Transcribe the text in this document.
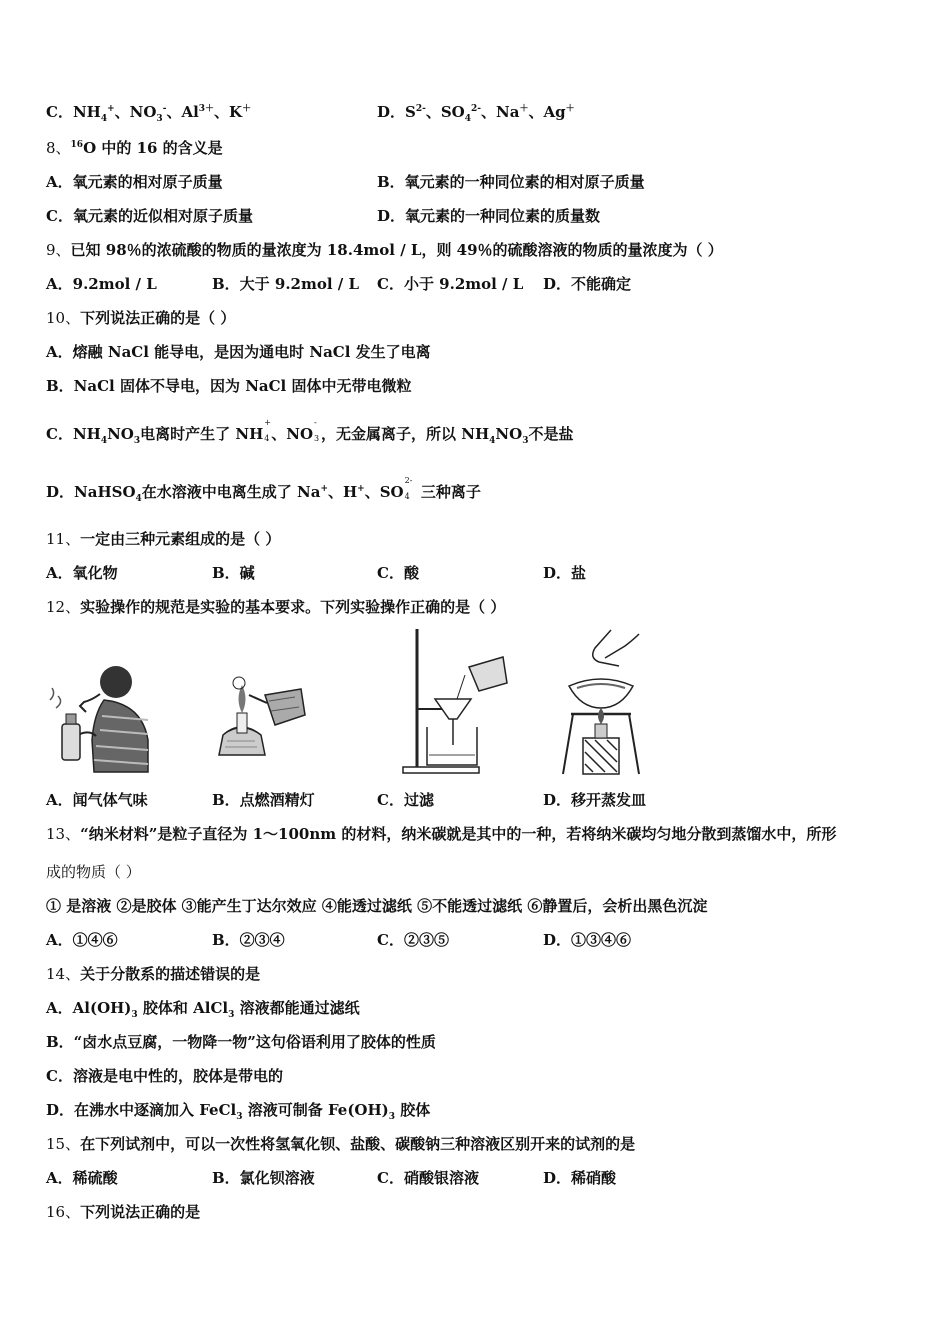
C．$NH_4^+$、$NO_3^-$、$Al^{3+}$、K＋	D．$S^{2-}$、$SO_4^{2-}$、Na＋、Ag＋
8、$^{16}$O 中的 16 的含义是
A．氧元素的相对原子质量	B．氧元素的一种同位素的相对原子质量
C．氧元素的近似相对原子质量	D．氧元素的一种同位素的质量数
9、已知 98％的浓硫酸的物质的量浓度为 18.4mol / L，则 49％的硫酸溶液的物质的量浓度为（ ）
A．9.2mol / L	B．大于 9.2mol / L C．小于 9.2mol / L D．不能确定
10、下列说法正确的是（ ）
A．熔融 NaCl 能导电，是因为通电时 NaCl 发生了电离
B．NaCl 固体不导电，因为 NaCl 固体中无带电微粒
C．$NH_4NO_3$电离时产生了 NH
+
4 、NO
-
3 ，无金属离子，所以 $NH_4NO_3$不是盐
D．NaHSO$_4$在水溶液中电离生成了 Na+、H+、SO
2-
4 三种离子
11、一定由三种元素组成的是（ ）
A．氧化物	B．碱	C．酸	D．盐
12、实验操作的规范是实验的基本要求。下列实验操作正确的是（ ）
A．闻气体气味	B．点燃酒精灯	C．过滤	D．移开蒸发皿
13、“纳米材料”是粒子直径为 1～100nm 的材料，纳米碳就是其中的一种，若将纳米碳均匀地分散到蒸馏水中，所形
成的物质（ ）
① 是溶液 ②是胶体 ③能产生丁达尔效应 ④能透过滤纸 ⑤不能透过滤纸 ⑥静置后，会析出黑色沉淀
A．①④⑥	B．②③④	C．②③⑤	D．①③④⑥
14、关于分散系的描述错误的是
A．$Al(OH)_3$ 胶体和 AlCl$_3$ 溶液都能通过滤纸
B．“卤水点豆腐，一物降一物”这句俗语利用了胶体的性质
C．溶液是电中性的，胶体是带电的
D．在沸水中逐滴加入 FeCl$_3$ 溶液可制备 $Fe(OH)_3$ 胶体
15、在下列试剂中，可以一次性将氢氧化钡、盐酸、碳酸钠三种溶液区别开来的试剂的是
A．稀硫酸	B．氯化钡溶液	C．硝酸银溶液	D．稀硝酸
16、下列说法正确的是
